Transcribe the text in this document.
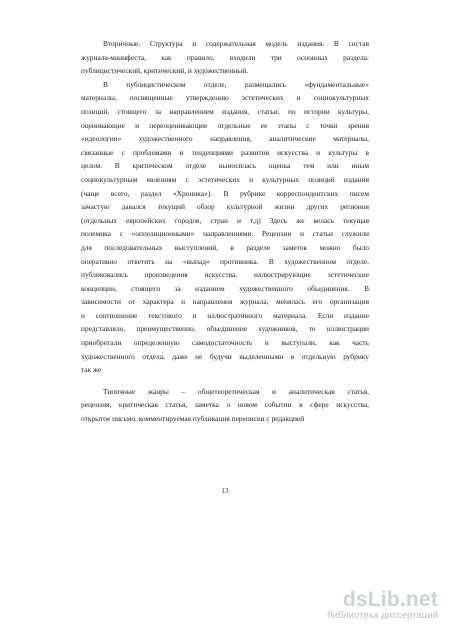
Вторичные. Структура и содержательная модель издания. В состав
журнала-манифеста, как правило, входили три основных раздела:
публицистический, критический, и художественный.
В публицистическом отделе, размещались «фундаментальные»
материалы, посвященные утверждению эстетических и социокультурных
позиций, стоящего за направлением издания, статьи, по истории культуры,
оценивающие и переоценивающие отдельные ее этапы с точки зрения
«идеологии» художественного направления, аналитические материалы,
связанные с проблемами и тенденциями развития искусства и культуры в
целом. В критическом отделе выносилась оценка тем или иным
социокультурным явлениям с эстетических и культурных позиций издания
(чаще всего, раздел «Хроника»). В рубрике корреспондентских писем
зачастую давался текущий обзор культурной жизни других регионов
(отдельных европейских городов, стран и т.д) Здесь же велась текущая
полемика с «оппозиционными» направлениями. Рецензии и статьи служили
для последовательных выступлений, в разделе заметок можно было
оперативно ответить на «выпад» противника. В художественном отделе,
публиковались произведения искусства, иллюстрирующие эстетические
концепции, стоящего за изданием художественного объединения. В
зависимости от характера и направления журнала, менялась его организация
и соотношение текстового и иллюстративного материала. Если издание
представляло, преимущественно, объединение художников, то иллюстрации
приобретали определенную самодостаточность и выступали, как часть
художественного отдела, даже не будучи выделенными в отдельную рубрику
так же
Типичные жанры – общетеоретическая и аналитическая статья,
рецензия, критическая статья, заметка о новом событии в сфере искусства,
открытое письмо, комментируемая публикация переписки с редакцией
13
dsLib.net
библиотека диссертаций
